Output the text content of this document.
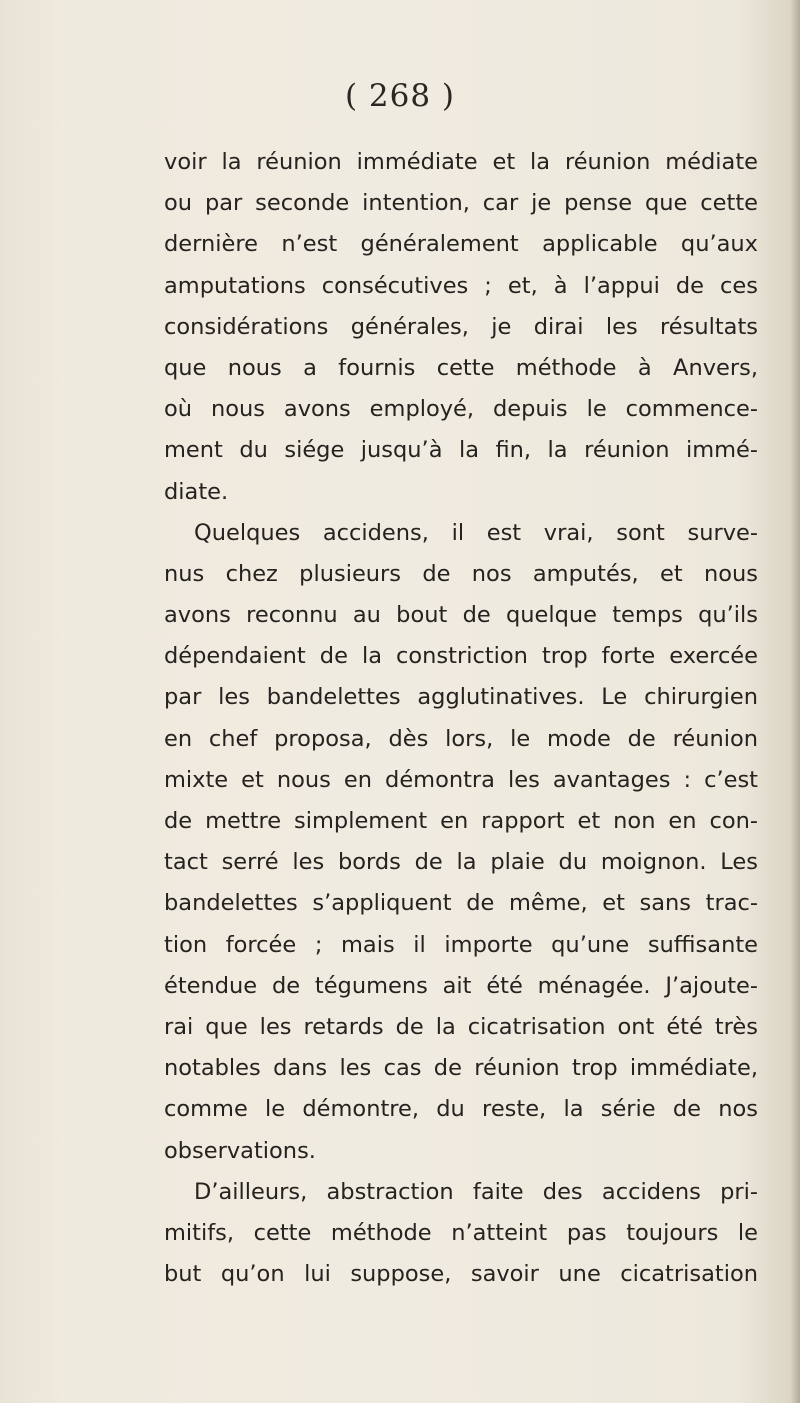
( 268 )
voir la réunion immédiate et la réunion médiate
ou par seconde intention, car je pense que cette
dernière n’est généralement applicable qu’aux
amputations consécutives ; et, à l’appui de ces
considérations générales, je dirai les résultats
que nous a fournis cette méthode à Anvers,
où nous avons employé, depuis le commence-
ment du siége jusqu’à la fin, la réunion immé-
diate.
Quelques accidens, il est vrai, sont surve-
nus chez plusieurs de nos amputés, et nous
avons reconnu au bout de quelque temps qu’ils
dépendaient de la constriction trop forte exercée
par les bandelettes agglutinatives. Le chirurgien
en chef proposa, dès lors, le mode de réunion
mixte et nous en démontra les avantages : c’est
de mettre simplement en rapport et non en con-
tact serré les bords de la plaie du moignon. Les
bandelettes s’appliquent de même, et sans trac-
tion forcée ; mais il importe qu’une suffisante
étendue de tégumens ait été ménagée. J’ajoute-
rai que les retards de la cicatrisation ont été très
notables dans les cas de réunion trop immédiate,
comme le démontre, du reste, la série de nos
observations.
D’ailleurs, abstraction faite des accidens pri-
mitifs, cette méthode n’atteint pas toujours le
but qu’on lui suppose, savoir une cicatrisation
